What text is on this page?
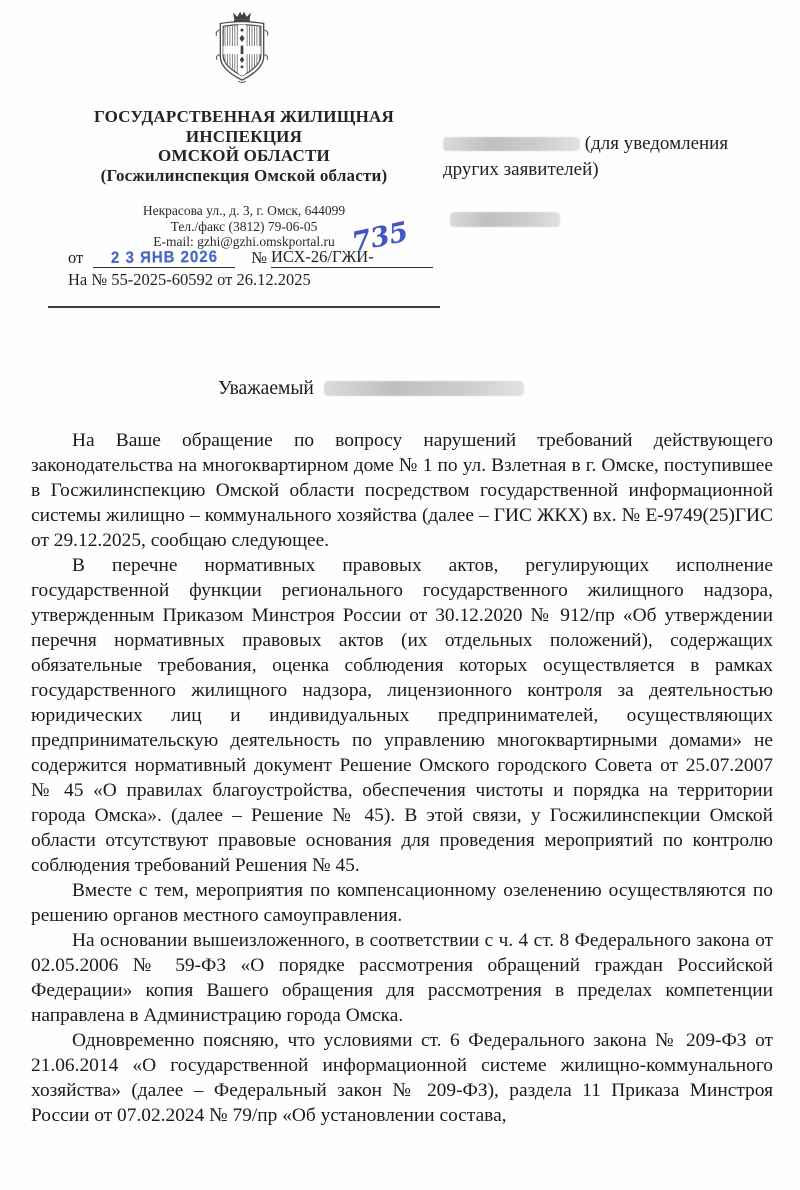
ГОСУДАРСТВЕННАЯ ЖИЛИЩНАЯ
ИНСПЕКЦИЯ
ОМСКОЙ ОБЛАСТИ
(Госжилинспекция Омской области)
(для уведомления других заявителей)
Некрасова ул., д. 3, г. Омск, 644099
Тел./факс (3812) 79-06-05
E-mail: gzhi@gzhi.omskportal.ru
от 2 3 ЯНВ 2026 № ИСХ-26/ГЖИ-
735
На № 55-2025-60592 от 26.12.2025
Уважаемый

На Ваше обращение по вопросу нарушений требований действующего законодательства на многоквартирном доме № 1 по ул. Взлетная в г. Омске, поступившее в Госжилинспекцию Омской области посредством государственной информационной системы жилищно – коммунального хозяйства (далее – ГИС ЖКХ) вх. № Е-9749(25)ГИС от 29.12.2025, сообщаю следующее.

В перечне нормативных правовых актов, регулирующих исполнение государственной функции регионального государственного жилищного надзора, утвержденным Приказом Минстроя России от 30.12.2020 № 912/пр «Об утверждении перечня нормативных правовых актов (их отдельных положений), содержащих обязательные требования, оценка соблюдения которых осуществляется в рамках государственного жилищного надзора, лицензионного контроля за деятельностью юридических лиц и индивидуальных предпринимателей, осуществляющих предпринимательскую деятельность по управлению многоквартирными домами» не содержится нормативный документ Решение Омского городского Совета от 25.07.2007 № 45 «О правилах благоустройства, обеспечения чистоты и порядка на территории города Омска». (далее – Решение № 45). В этой связи, у Госжилинспекции Омской области отсутствуют правовые основания для проведения мероприятий по контролю соблюдения требований Решения № 45.

Вместе с тем, мероприятия по компенсационному озеленению осуществляются по решению органов местного самоуправления.

На основании вышеизложенного, в соответствии с ч. 4 ст. 8 Федерального закона от 02.05.2006 № 59-ФЗ «О порядке рассмотрения обращений граждан Российской Федерации» копия Вашего обращения для рассмотрения в пределах компетенции направлена в Администрацию города Омска.

Одновременно поясняю, что условиями ст. 6 Федерального закона № 209-ФЗ от 21.06.2014 «О государственной информационной системе жилищно-коммунального хозяйства» (далее – Федеральный закон № 209-ФЗ), раздела 11 Приказа Минстроя России от 07.02.2024 № 79/пр «Об установлении состава,
